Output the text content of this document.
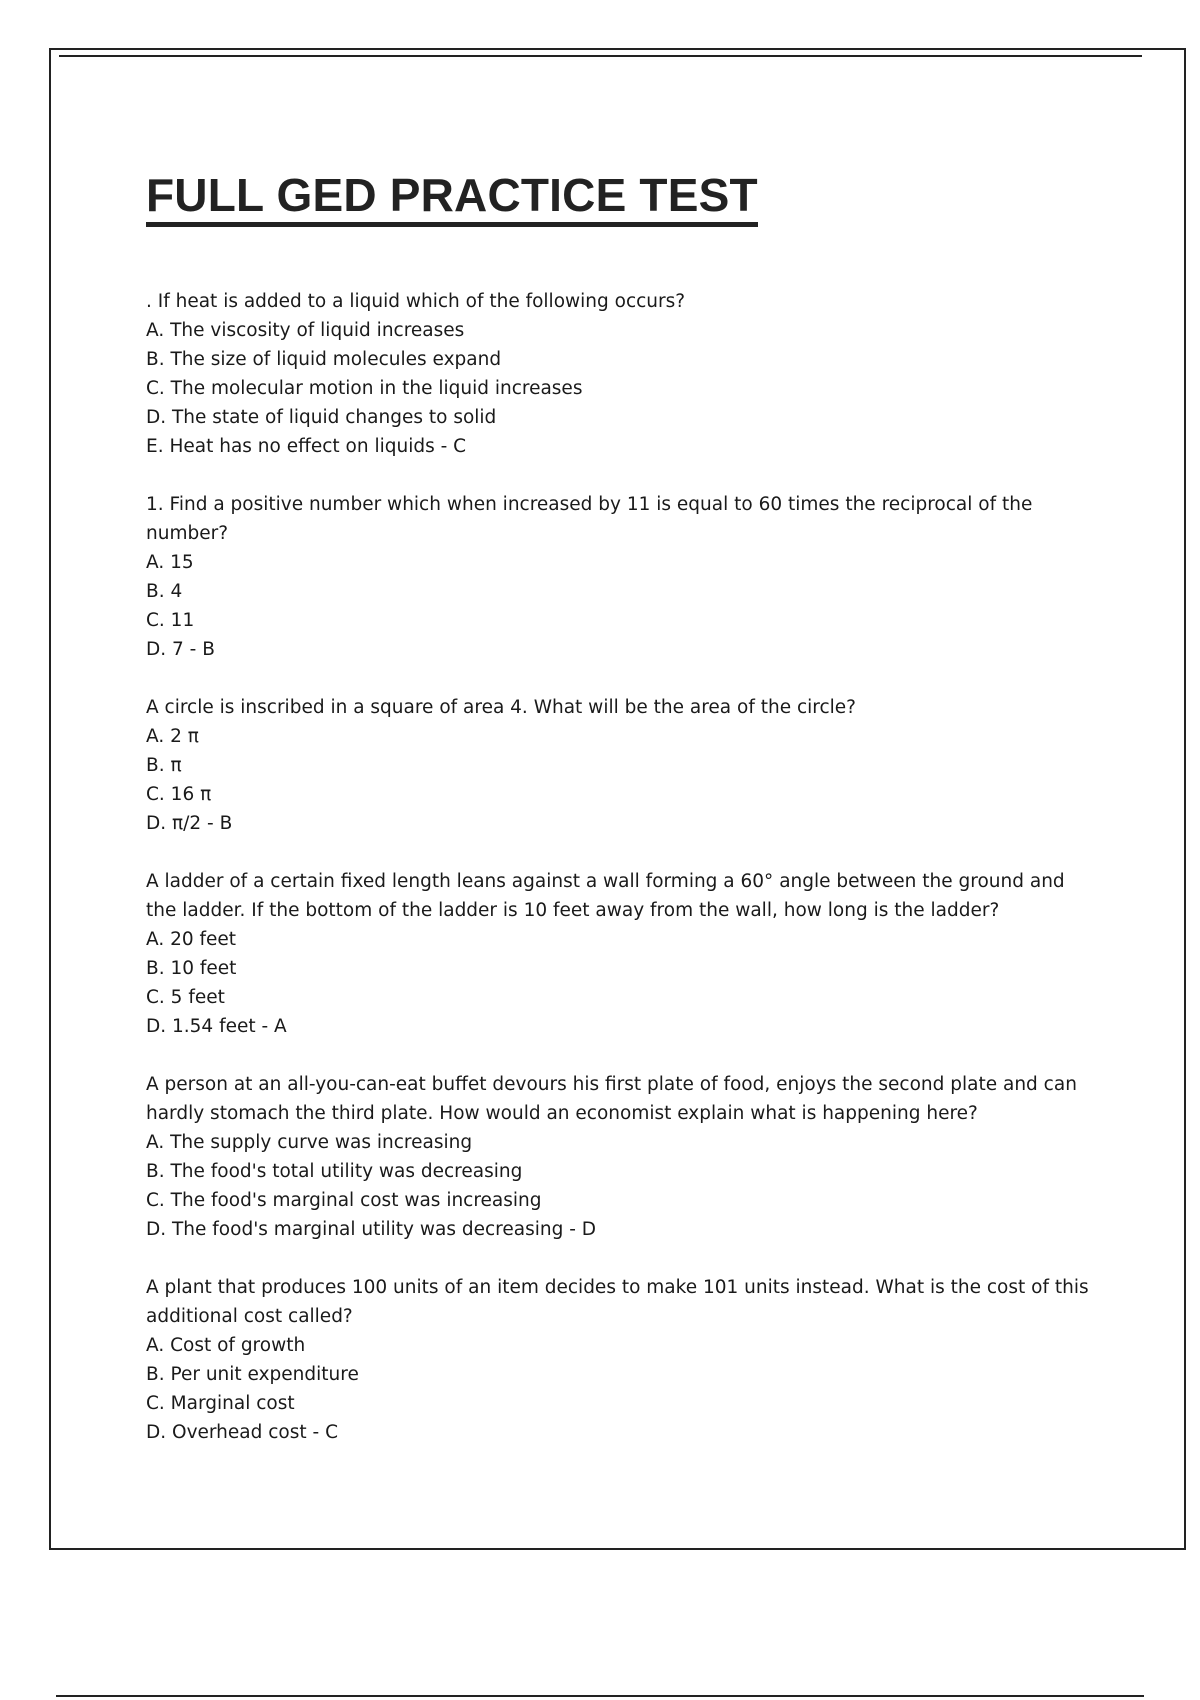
FULL GED PRACTICE TEST

. If heat is added to a liquid which of the following occurs?

A. The viscosity of liquid increases
B. The size of liquid molecules expand
C. The molecular motion in the liquid increases
D. The state of liquid changes to solid
E. Heat has no effect on liquids - C

1. Find a positive number which when increased by 11 is equal to 60 times the reciprocal of the number?

A. 15
B. 4
C. 11
D. 7 - B

A circle is inscribed in a square of area 4. What will be the area of the circle?

A. 2 π
B. π
C. 16 π
D. π/2 - B

A ladder of a certain fixed length leans against a wall forming a 60° angle between the ground and the ladder. If the bottom of the ladder is 10 feet away from the wall, how long is the ladder?

A. 20 feet
B. 10 feet
C. 5 feet
D. 1.54 feet - A

A person at an all-you-can-eat buffet devours his first plate of food, enjoys the second plate and can hardly stomach the third plate. How would an economist explain what is happening here?

A. The supply curve was increasing
B. The food's total utility was decreasing
C. The food's marginal cost was increasing
D. The food's marginal utility was decreasing - D

A plant that produces 100 units of an item decides to make 101 units instead. What is the cost of this additional cost called?

A. Cost of growth
B. Per unit expenditure
C. Marginal cost
D. Overhead cost - C
